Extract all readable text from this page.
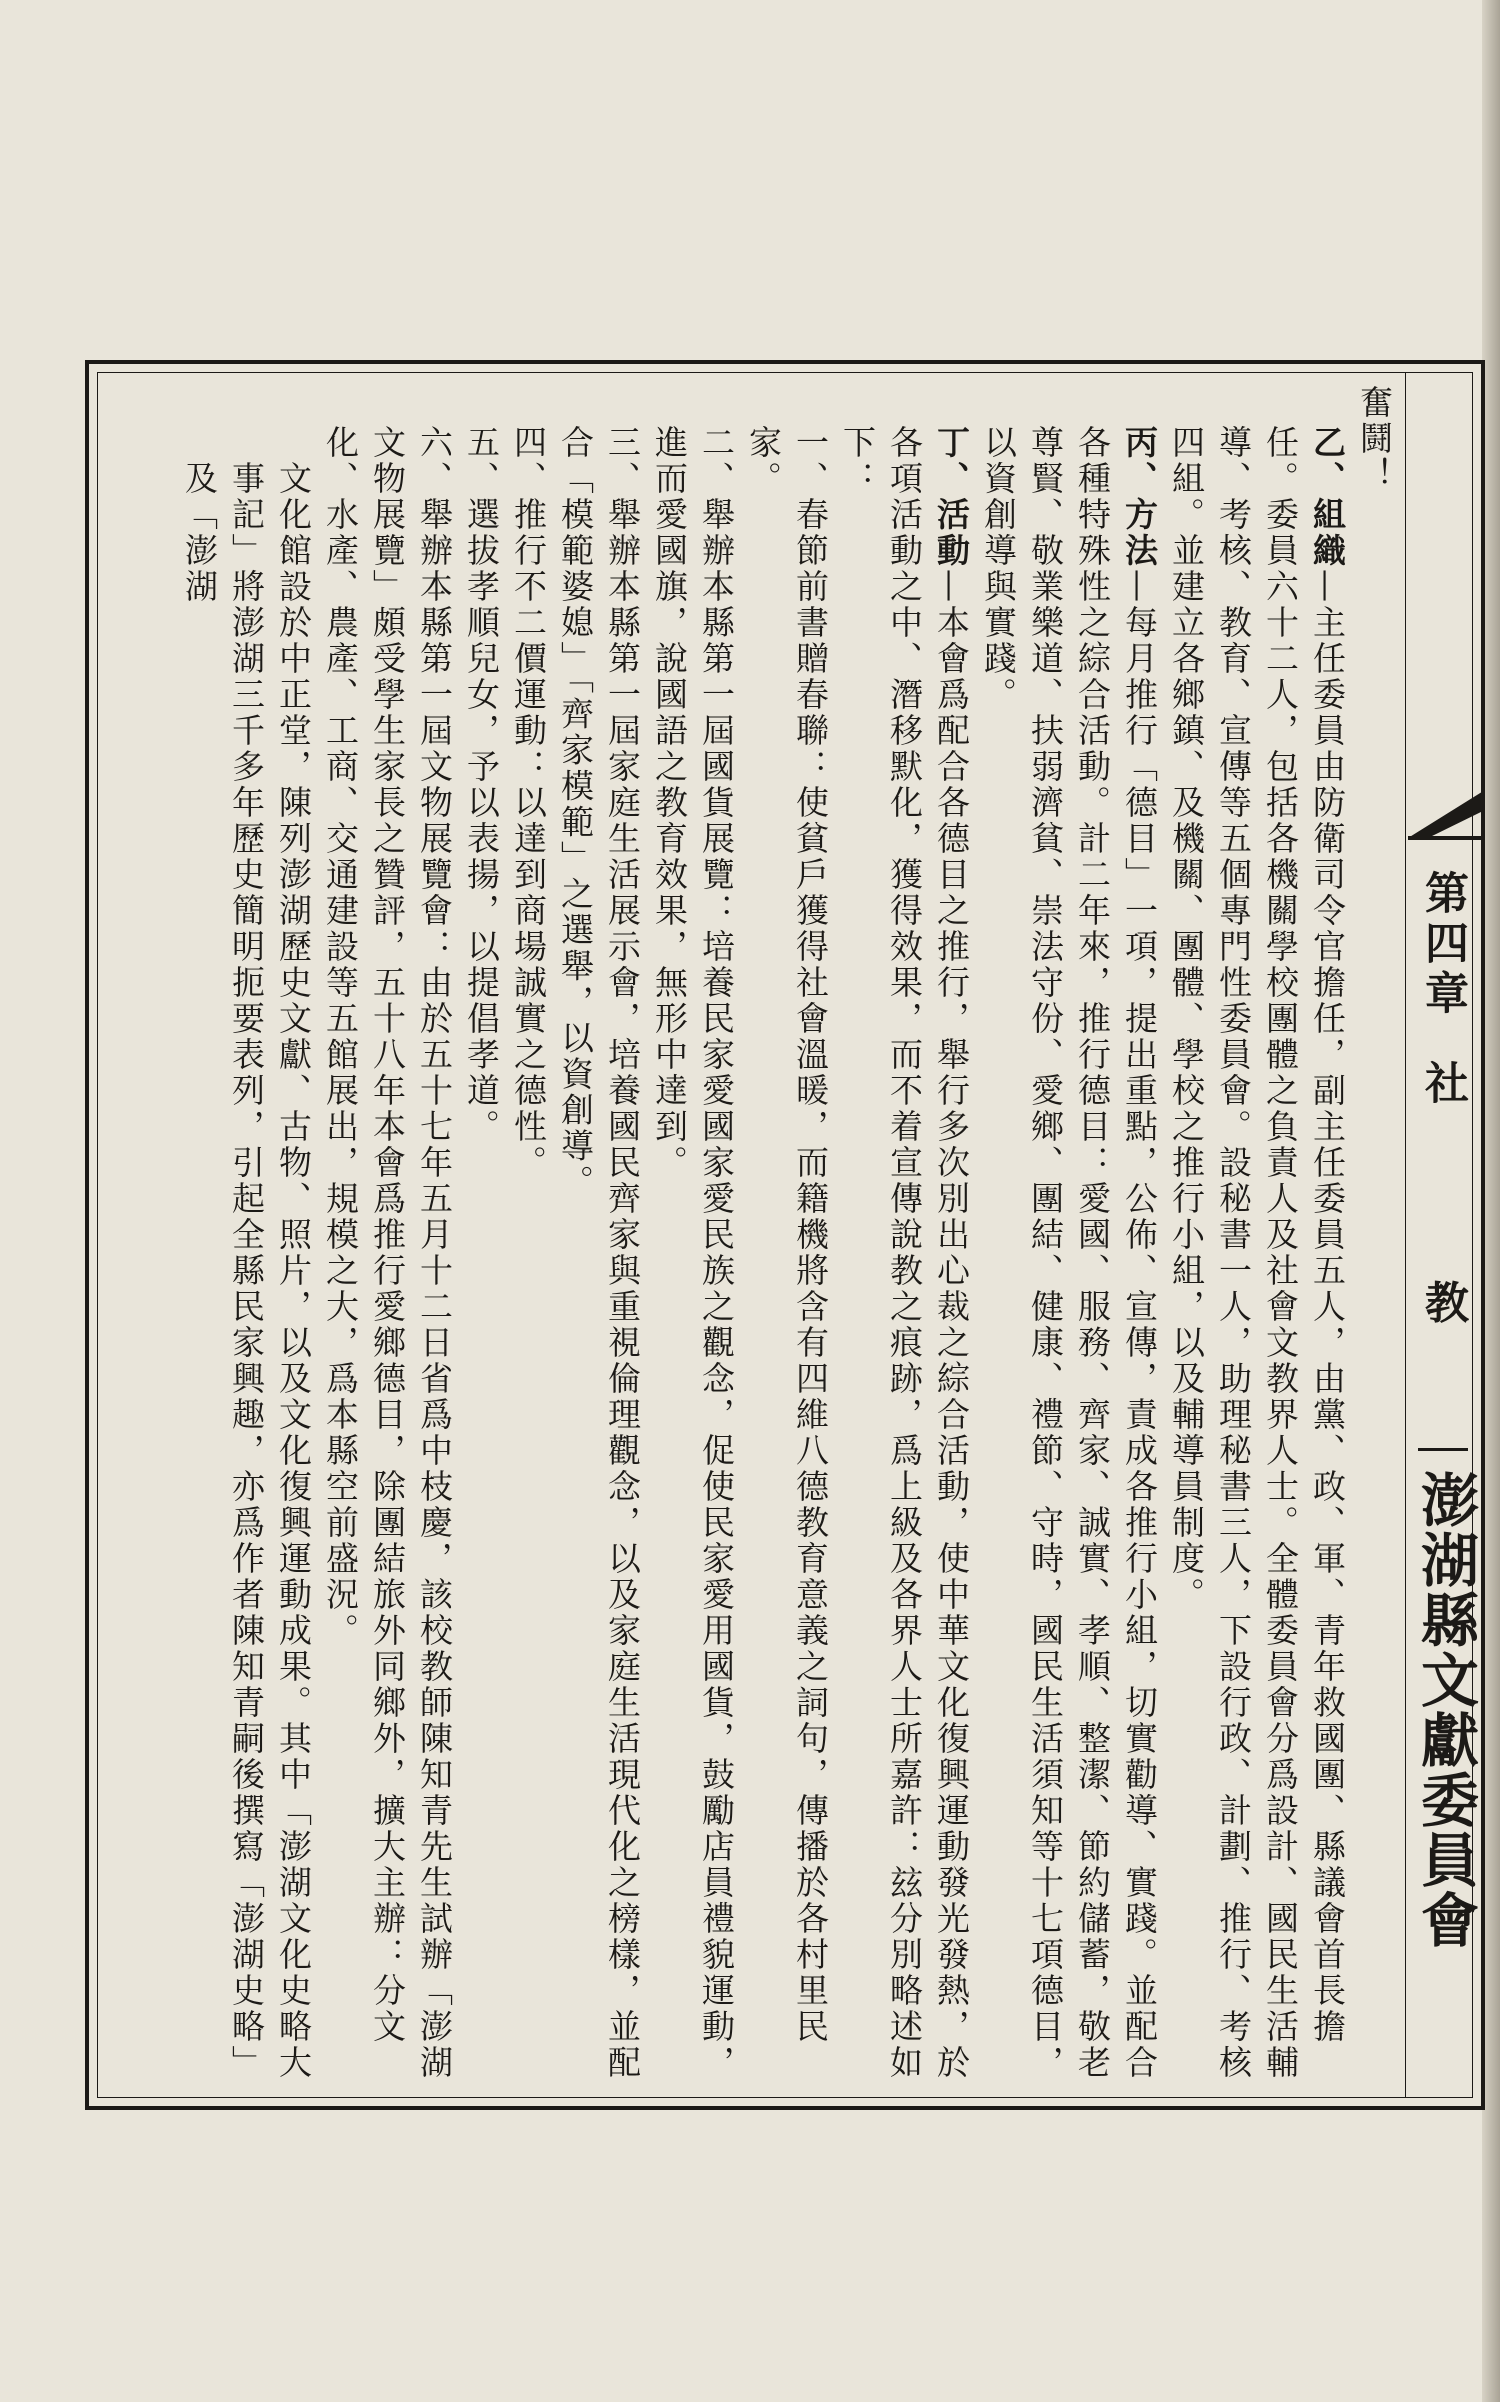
第四章
社 教
澎湖縣文獻委員會

奮鬪！

乙、組織—主任委員由防衛司令官擔任，副主任委員五人，由黨、政、軍、青年救國團、縣議會首長擔任。委員六十二人，包括各機關學校團體之負責人及社會文教界人士。全體委員會分爲設計、國民生活輔導、考核、教育、宣傳等五個專門性委員會。設秘書一人，助理秘書三人，下設行政、計劃、推行、考核四組。並建立各鄉鎮、及機關、團體、學校之推行小組，以及輔導員制度。

丙、方法—每月推行「德目」一項，提出重點，公佈、宣傳，責成各推行小組，切實勸導、實踐。並配合各種特殊性之綜合活動。計二年來，推行德目：愛國、服務、齊家、誠實、孝順、整潔、節約儲蓄，敬老尊賢、敬業樂道、扶弱濟貧、崇法守份、愛鄉、團結、健康、禮節、守時，國民生活須知等十七項德目，以資創導與實踐。

丁、活動—本會爲配合各德目之推行，舉行多次別出心裁之綜合活動，使中華文化復興運動發光發熱，於各項活動之中、潛移默化，獲得效果，而不着宣傳說教之痕跡，爲上級及各界人士所嘉許：玆分別略述如下：

一、春節前書贈春聯：使貧戶獲得社會溫暖，而籍機將含有四維八德教育意義之詞句，傳播於各村里民家。

二、舉辦本縣第一屆國貨展覽：培養民家愛國家愛民族之觀念，促使民家愛用國貨，鼓勵店員禮貌運動，進而愛國旗，說國語之教育效果，無形中達到。

三、舉辦本縣第一屆家庭生活展示會，培養國民齊家與重視倫理觀念，以及家庭生活現代化之榜樣，並配合「模範婆媳」「齊家模範」之選舉，以資創導。

四、推行不二價運動：以達到商場誠實之德性。

五、選拔孝順兒女，予以表揚，以提倡孝道。

六、舉辦本縣第一屆文物展覽會：由於五十七年五月十二日省爲中枝慶，該校教師陳知青先生試辦「澎湖文物展覽」頗受學生家長之贊評，五十八年本會爲推行愛鄉德目，除團結旅外同鄉外，擴大主辦：分文化、水產、農產、工商、交通建設等五館展出，規模之大，爲本縣空前盛況。

文化館設於中正堂，陳列澎湖歷史文獻、古物、照片，以及文化復興運動成果。其中「澎湖文化史略大事記」將澎湖三千多年歷史簡明扼要表列，引起全縣民家興趣，亦爲作者陳知青嗣後撰寫「澎湖史略」及「澎湖
